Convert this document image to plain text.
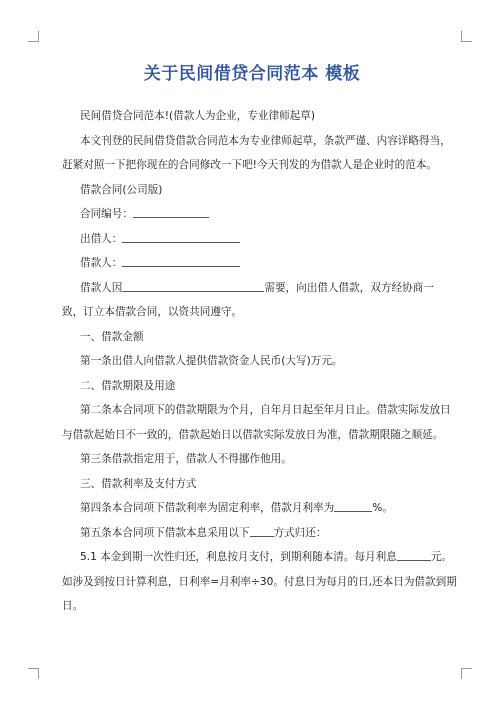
关于民间借贷合同范本 模板

民间借贷合同范本!(借款人为企业，专业律师起草)

本文刊登的民间借贷借款合同范本为专业律师起草，条款严谨、内容详略得当，

赶紧对照一下把你现在的合同修改一下吧!今天刊发的为借款人是企业时的范本。

借款合同(公司版)

合同编号：

出借人：

借款人：

借款人因	需要，向出借人借款，双方经协商一

致，订立本借款合同，以资共同遵守。

一、借款金额

第一条出借人向借款人提供借款资金人民币(大写)万元。

二、借款期限及用途

第二条本合同项下的借款期限为个月，自年月日起至年月日止。借款实际发放日

与借款起始日不一致的，借款起始日以借款实际发放日为准，借款期限随之顺延。

第三条借款指定用于，借款人不得挪作他用。

三、借款利率及支付方式

第四条本合同项下借款利率为固定利率，借款月利率为	%。

第五条本合同项下借款本息采用以下 方式归还：

5.1 本金到期一次性归还，利息按月支付，到期利随本清。每月利息	元。

如涉及到按日计算利息，日利率=月利率÷30。付息日为每月的日,还本日为借款到期

日。
